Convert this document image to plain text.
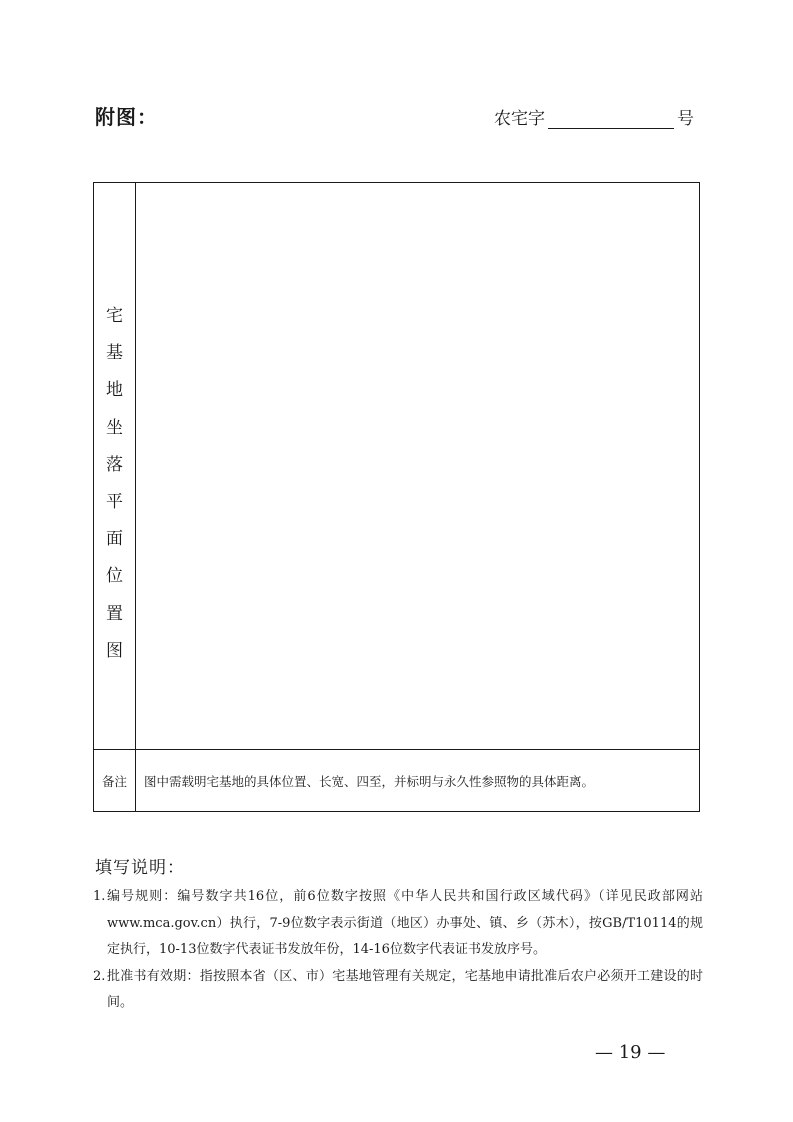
附图：	农宅字	号
宅
基
地
坐
落
平
面
位
置
图
备注	图中需载明宅基地的具体位置、长宽、四至，并标明与永久性参照物的具体距离。
填写说明：
1. 编号规则：编号数字共16位，前6位数字按照《中华人民共和国行政区域代码》（详见民政部网站www.mca.gov.cn）执行，7-9位数字表示街道（地区）办事处、镇、乡（苏木），按GB/T10114的规定执行，10-13位数字代表证书发放年份，14-16位数字代表证书发放序号。
2. 批准书有效期：指按照本省（区、市）宅基地管理有关规定，宅基地申请批准后农户必须开工建设的时间。
— 19 —
